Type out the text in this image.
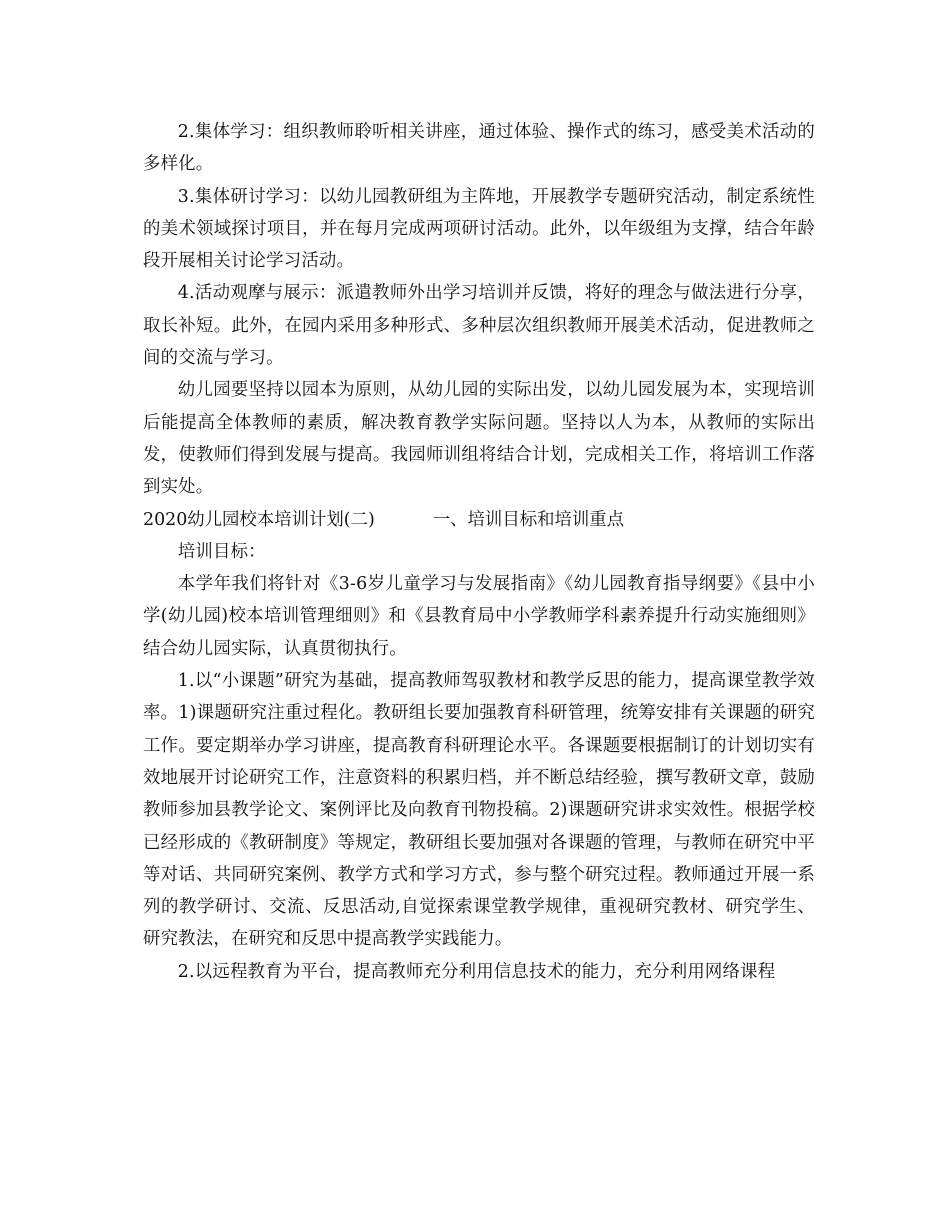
2.集体学习：组织教师聆听相关讲座，通过体验、操作式的练习，感受美术活动的多样化。

3.集体研讨学习：以幼儿园教研组为主阵地，开展教学专题研究活动，制定系统性的美术领域探讨项目，并在每月完成两项研讨活动。此外，以年级组为支撑，结合年龄段开展相关讨论学习活动。

4.活动观摩与展示：派遣教师外出学习培训并反馈，将好的理念与做法进行分享，取长补短。此外，在园内采用多种形式、多种层次组织教师开展美术活动，促进教师之间的交流与学习。

幼儿园要坚持以园本为原则，从幼儿园的实际出发，以幼儿园发展为本，实现培训后能提高全体教师的素质，解决教育教学实际问题。坚持以人为本，从教师的实际出发，使教师们得到发展与提高。我园师训组将结合计划，完成相关工作，将培训工作落到实处。

2020幼儿园校本培训计划(二)	一、培训目标和培训重点

培训目标：

本学年我们将针对《3-6岁儿童学习与发展指南》《幼儿园教育指导纲要》《县中小学(幼儿园)校本培训管理细则》和《县教育局中小学教师学科素养提升行动实施细则》结合幼儿园实际，认真贯彻执行。

1.以“小课题”研究为基础，提高教师驾驭教材和教学反思的能力，提高课堂教学效率。1)课题研究注重过程化。教研组长要加强教育科研管理，统筹安排有关课题的研究工作。要定期举办学习讲座，提高教育科研理论水平。各课题要根据制订的计划切实有效地展开讨论研究工作，注意资料的积累归档，并不断总结经验，撰写教研文章，鼓励教师参加县教学论文、案例评比及向教育刊物投稿。2)课题研究讲求实效性。根据学校已经形成的《教研制度》等规定，教研组长要加强对各课题的管理，与教师在研究中平等对话、共同研究案例、教学方式和学习方式，参与整个研究过程。教师通过开展一系列的教学研讨、交流、反思活动,自觉探索课堂教学规律，重视研究教材、研究学生、研究教法，在研究和反思中提高教学实践能力。

2.以远程教育为平台，提高教师充分利用信息技术的能力，充分利用网络课程
